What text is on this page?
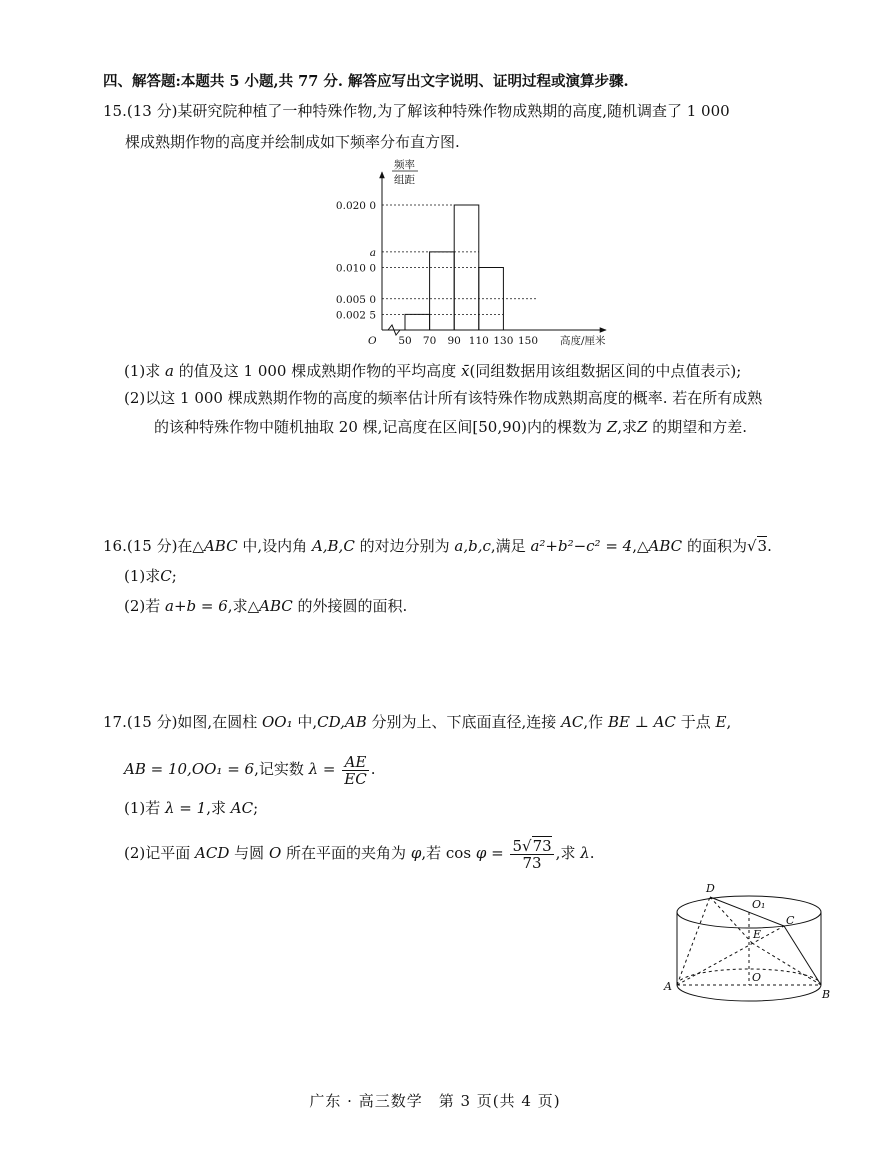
四、解答题:本题共 5 小题,共 77 分. 解答应写出文字说明、证明过程或演算步骤.
15.(13 分)某研究院种植了一种特殊作物,为了解该种特殊作物成熟期的高度,随机调查了 1 000
棵成熟期作物的高度并绘制成如下频率分布直方图.
0.020 0
a
0.010 0
0.005 0
0.002 5
50 70 90 110 130 150
O	高度/厘米
频率
组距
(1)求 a 的值及这 1 000 棵成熟期作物的平均高度 x̄(同组数据用该组数据区间的中点值表示);
(2)以这 1 000 棵成熟期作物的高度的频率估计所有该特殊作物成熟期高度的概率. 若在所有成熟
的该种特殊作物中随机抽取 20 棵,记高度在区间[50,90)内的棵数为 Z,求Z 的期望和方差.
16.(15 分)在△ABC 中,设内角 A,B,C 的对边分别为 a,b,c,满足 a²+b²−c² = 4,△ABC 的面积为√3.
(1)求C;
(2)若 a+b = 6,求△ABC 的外接圆的面积.
17.(15 分)如图,在圆柱 OO₁ 中,CD,AB 分别为上、下底面直径,连接 AC,作 BE ⊥ AC 于点 E,
AB = 10,OO₁ = 6,记实数 $\lambda = \frac{AE}{EC}$ .
(1)若 λ = 1,求 AC;
(2)记平面 ACD 与圆 O 所在平面的夹角为 φ,若 $\cos \varphi = \frac{5√73}{73}$ ,求 λ.
D
O₁
C
E
A
O
B
广东 · 高三数学　第 3 页(共 4 页)
